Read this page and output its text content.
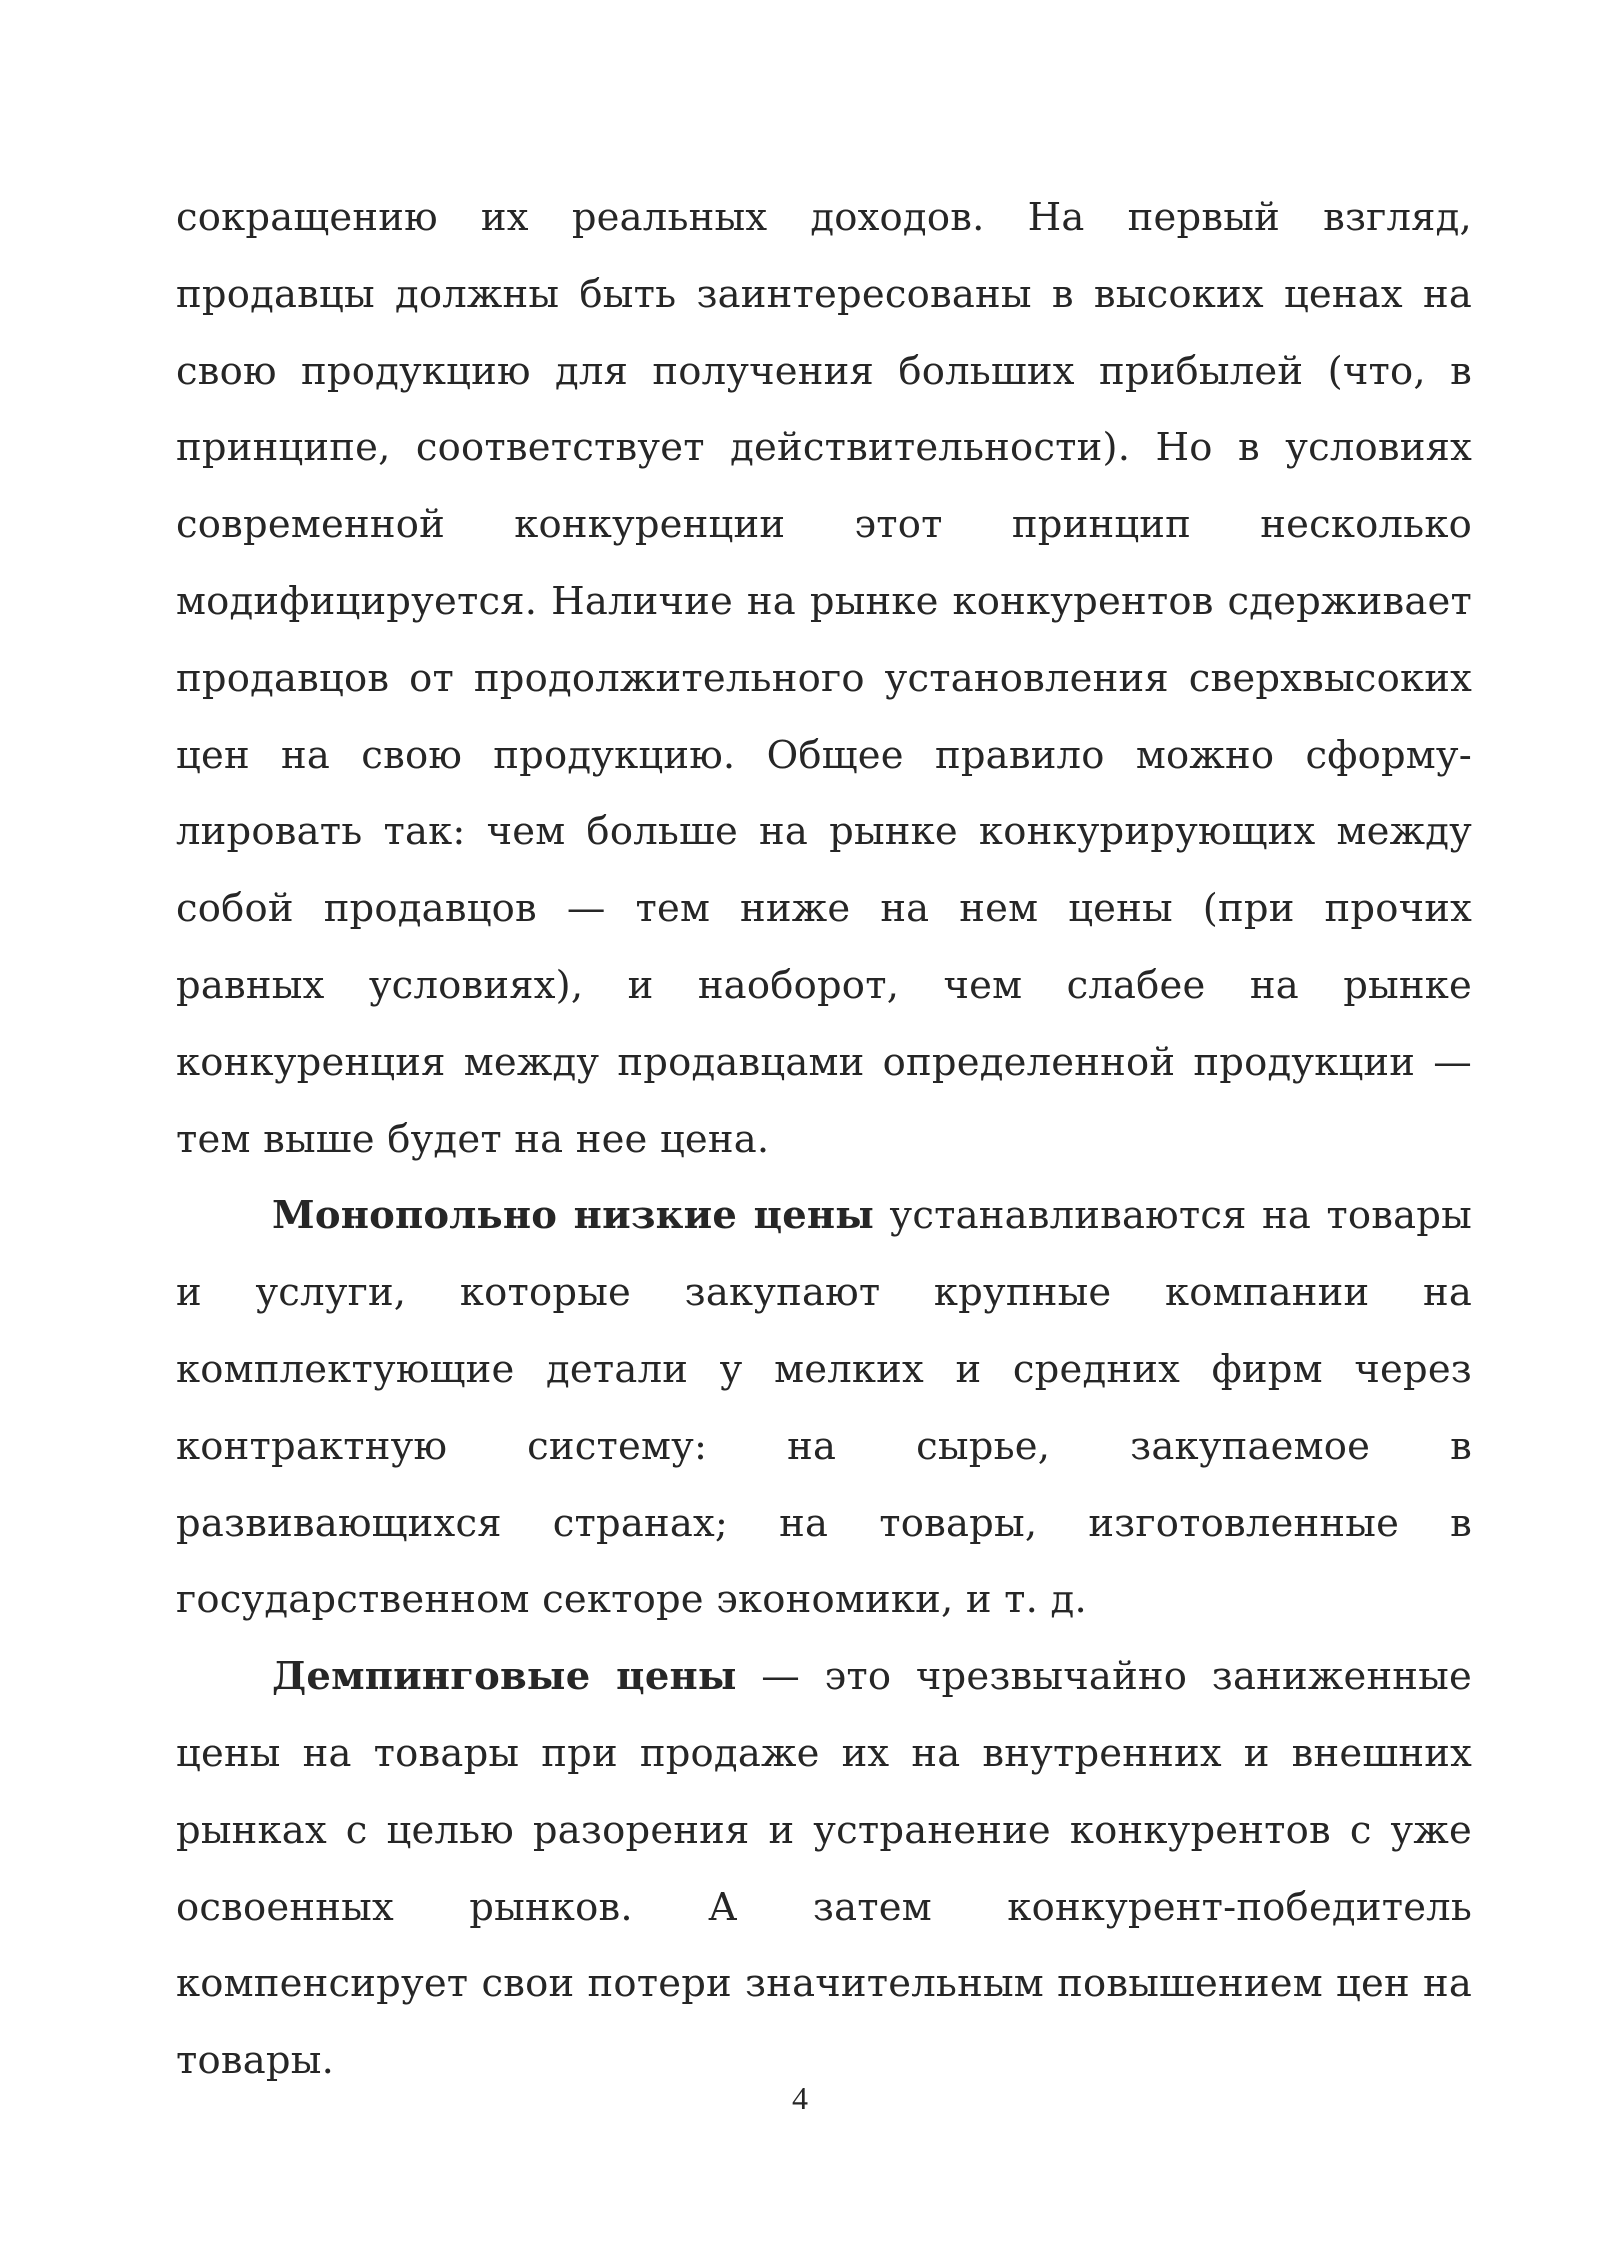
сокращению их реальных доходов. На первый взгляд, продавцы должны быть заинтересованы в высоких ценах на свою продукцию для получения больших прибылей (что, в принципе, соответствует действительности). Но в условиях современной конкуренции этот принцип несколько модифицируется. Наличие на рынке конкурентов сдерживает продавцов от продолжительного установления сверхвысоких цен на свою продукцию. Общее правило можно сформу- лировать так: чем больше на рынке конкурирующих между собой продавцов — тем ниже на нем цены (при прочих равных условиях), и наоборот, чем слабее на рынке конкуренция между продавцами определенной продукции — тем выше будет на нее цена.

Монопольно низкие цены устанавливаются на товары и услуги, которые закупают крупные компании на комплектующие детали у мелких и средних фирм через контрактную систему: на сырье, закупаемое в развивающихся странах; на товары, изготовленные в государственном секторе экономики, и т. д.

Демпинговые цены — это чрезвычайно заниженные цены на товары при продаже их на внутренних и внешних рынках с целью разорения и устранение конкурентов с уже освоенных рынков. А затем конкурент-победитель компенсирует свои потери значительным повышением цен на товары.

4
